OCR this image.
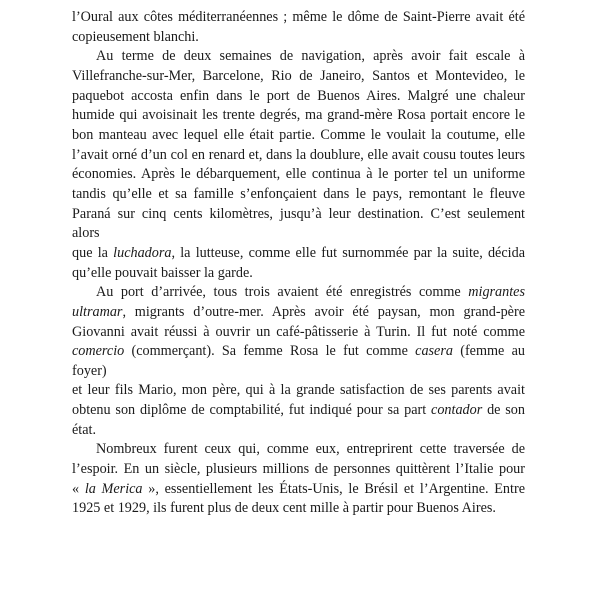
l’Oural aux côtes méditerranéennes ; même le dôme de Saint-Pierre avait été
copieusement blanchi.
Au terme de deux semaines de navigation, après avoir fait escale à
Villefranche-sur-Mer, Barcelone, Rio de Janeiro, Santos et Montevideo, le
paquebot accosta enfin dans le port de Buenos Aires. Malgré une chaleur
humide qui avoisinait les trente degrés, ma grand-mère Rosa portait encore le
bon manteau avec lequel elle était partie. Comme le voulait la coutume, elle
l’avait orné d’un col en renard et, dans la doublure, elle avait cousu toutes leurs
économies. Après le débarquement, elle continua à le porter tel un uniforme
tandis qu’elle et sa famille s’enfonçaient dans le pays, remontant le fleuve
Paraná sur cinq cents kilomètres, jusqu’à leur destination. C’est seulement alors
que la luchadora, la lutteuse, comme elle fut surnommée par la suite, décida
qu’elle pouvait baisser la garde.
Au port d’arrivée, tous trois avaient été enregistrés comme migrantes
ultramar, migrants d’outre-mer. Après avoir été paysan, mon grand-père
Giovanni avait réussi à ouvrir un café-pâtisserie à Turin. Il fut noté comme
comercio (commerçant). Sa femme Rosa le fut comme casera (femme au foyer)
et leur fils Mario, mon père, qui à la grande satisfaction de ses parents avait
obtenu son diplôme de comptabilité, fut indiqué pour sa part contador de son
état.
Nombreux furent ceux qui, comme eux, entreprirent cette traversée de
l’espoir. En un siècle, plusieurs millions de personnes quittèrent l’Italie pour
« la Merica », essentiellement les États-Unis, le Brésil et l’Argentine. Entre
1925 et 1929, ils furent plus de deux cent mille à partir pour Buenos Aires.
